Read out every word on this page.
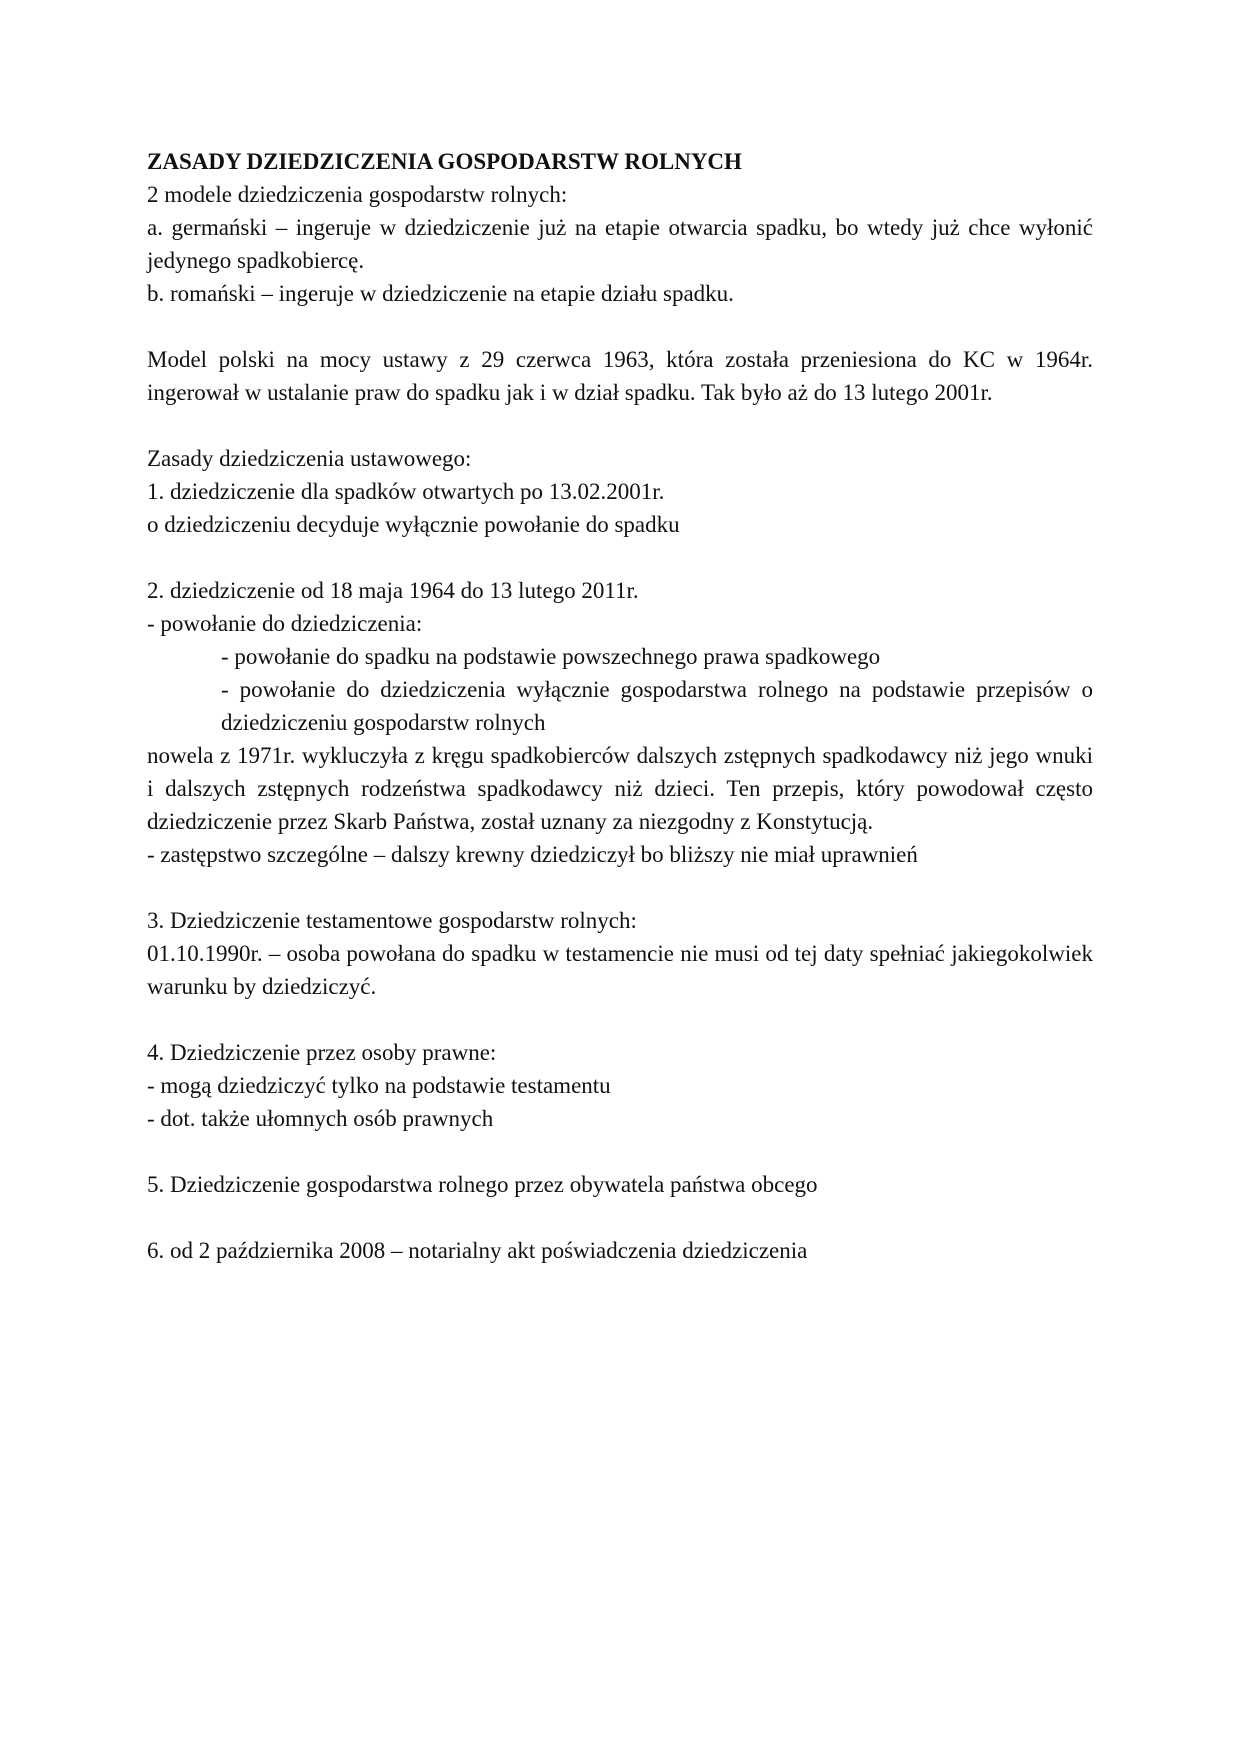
ZASADY DZIEDZICZENIA GOSPODARSTW ROLNYCH

2 modele dziedziczenia gospodarstw rolnych:

a. germański – ingeruje w dziedziczenie już na etapie otwarcia spadku, bo wtedy już chce wyłonić jedynego spadkobiercę.

b. romański – ingeruje w dziedziczenie na etapie działu spadku.

Model polski na mocy ustawy z 29 czerwca 1963, która została przeniesiona do KC w 1964r. ingerował w ustalanie praw do spadku jak i w dział spadku. Tak było aż do 13 lutego 2001r.

Zasady dziedziczenia ustawowego:

1. dziedziczenie dla spadków otwartych po 13.02.2001r.

o dziedziczeniu decyduje wyłącznie powołanie do spadku

2. dziedziczenie od 18 maja 1964 do 13 lutego 2011r.

- powołanie do dziedziczenia:

- powołanie do spadku na podstawie powszechnego prawa spadkowego

- powołanie do dziedziczenia wyłącznie gospodarstwa rolnego na podstawie przepisów o dziedziczeniu gospodarstw rolnych

nowela z 1971r. wykluczyła z kręgu spadkobierców dalszych zstępnych spadkodawcy niż jego wnuki i dalszych zstępnych rodzeństwa spadkodawcy niż dzieci. Ten przepis, który powodował często dziedziczenie przez Skarb Państwa, został uznany za niezgodny z Konstytucją.

- zastępstwo szczególne – dalszy krewny dziedziczył bo bliższy nie miał uprawnień

3. Dziedziczenie testamentowe gospodarstw rolnych:

01.10.1990r. – osoba powołana do spadku w testamencie nie musi od tej daty spełniać jakiegokolwiek warunku by dziedziczyć.

4. Dziedziczenie przez osoby prawne:

- mogą dziedziczyć tylko na podstawie testamentu

- dot. także ułomnych osób prawnych

5. Dziedziczenie gospodarstwa rolnego przez obywatela państwa obcego

6. od 2 października 2008 – notarialny akt poświadczenia dziedziczenia
